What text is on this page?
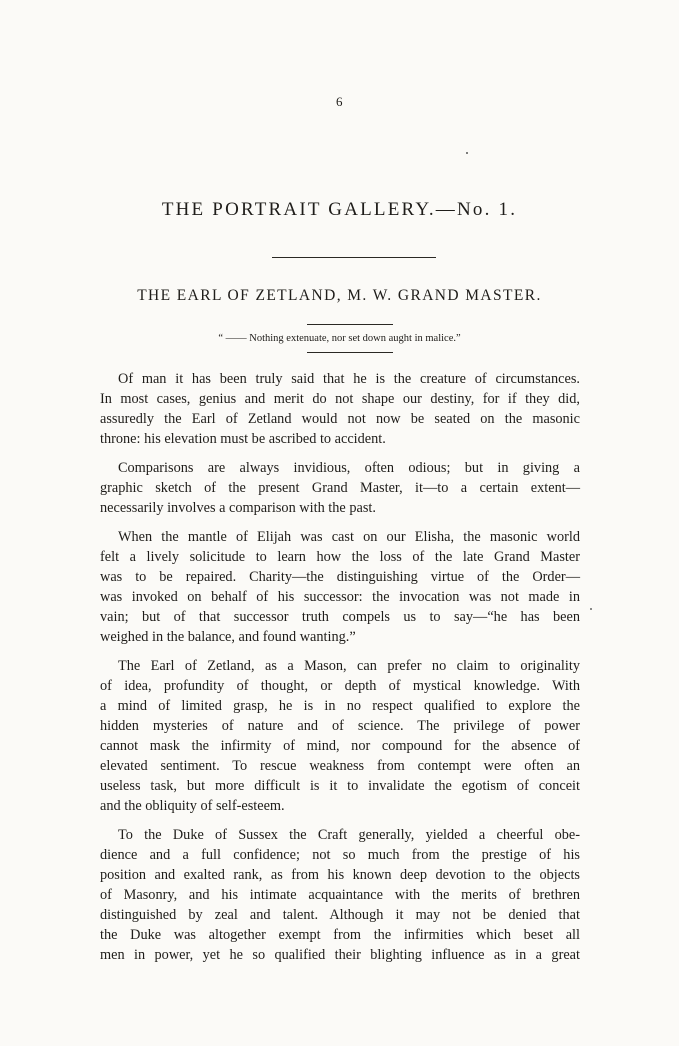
6
THE PORTRAIT GALLERY.—No. 1.
THE EARL OF ZETLAND, M. W. GRAND MASTER.
“ —— Nothing extenuate, nor set down aught in malice.”
Of man it has been truly said that he is the creature of circumstances.
In most cases, genius and merit do not shape our destiny, for if they did,
assuredly the Earl of Zetland would not now be seated on the masonic
throne: his elevation must be ascribed to accident.
Comparisons are always invidious, often odious; but in giving a
graphic sketch of the present Grand Master, it—to a certain extent—
necessarily involves a comparison with the past.
When the mantle of Elijah was cast on our Elisha, the masonic world
felt a lively solicitude to learn how the loss of the late Grand Master
was to be repaired. Charity—the distinguishing virtue of the Order—
was invoked on behalf of his successor: the invocation was not made in
vain; but of that successor truth compels us to say—“he has been
weighed in the balance, and found wanting.”
The Earl of Zetland, as a Mason, can prefer no claim to originality
of idea, profundity of thought, or depth of mystical knowledge. With
a mind of limited grasp, he is in no respect qualified to explore the
hidden mysteries of nature and of science. The privilege of power
cannot mask the infirmity of mind, nor compound for the absence of
elevated sentiment. To rescue weakness from contempt were often an
useless task, but more difficult is it to invalidate the egotism of conceit
and the obliquity of self-esteem.
To the Duke of Sussex the Craft generally, yielded a cheerful obe-
dience and a full confidence; not so much from the prestige of his
position and exalted rank, as from his known deep devotion to the objects
of Masonry, and his intimate acquaintance with the merits of brethren
distinguished by zeal and talent. Although it may not be denied that
the Duke was altogether exempt from the infirmities which beset all
men in power, yet he so qualified their blighting influence as in a great
